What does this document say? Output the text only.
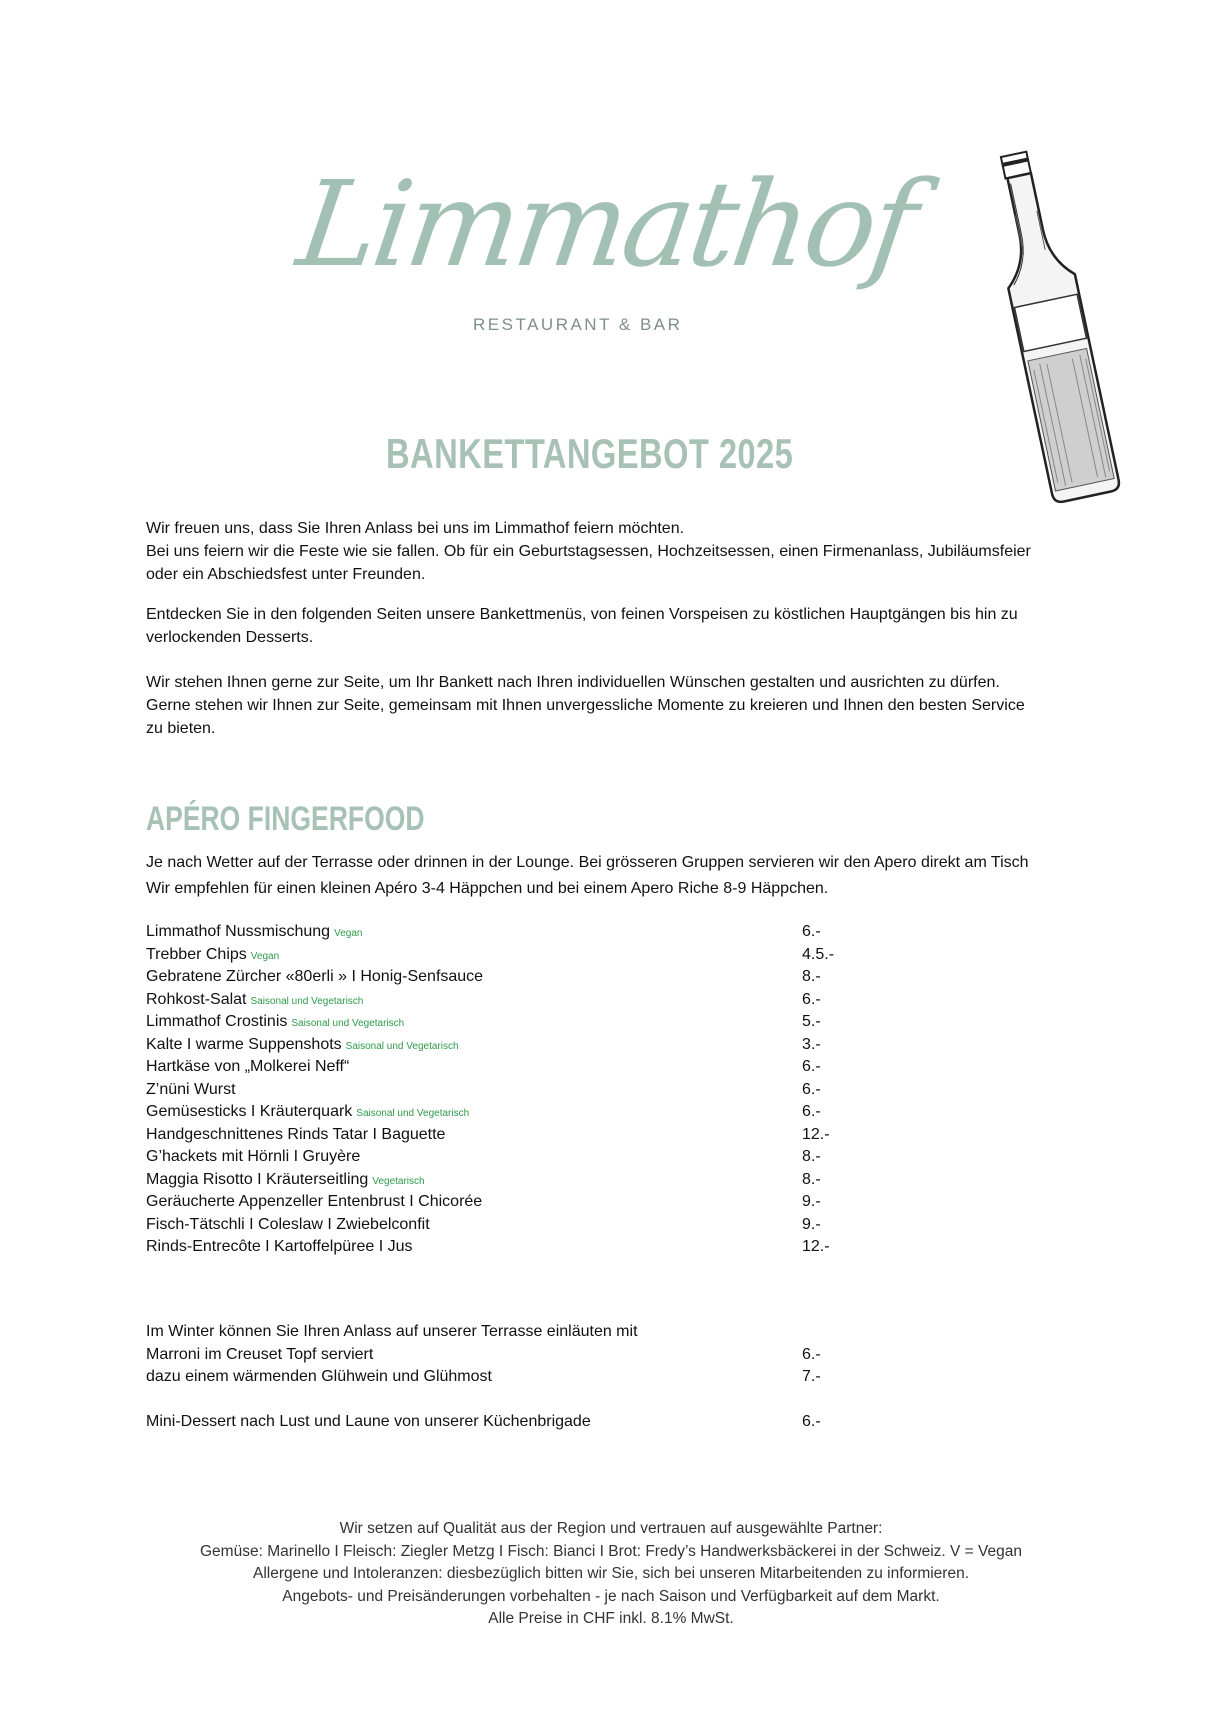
Limmathof
RESTAURANT & BAR
BANKETTANGEBOT 2025
Wir freuen uns, dass Sie Ihren Anlass bei uns im Limmathof feiern möchten.
Bei uns feiern wir die Feste wie sie fallen. Ob für ein Geburtstagsessen, Hochzeitsessen, einen Firmenanlass, Jubiläumsfeier
oder ein Abschiedsfest unter Freunden.
Entdecken Sie in den folgenden Seiten unsere Bankettmenüs, von feinen Vorspeisen zu köstlichen Hauptgängen bis hin zu
verlockenden Desserts.
Wir stehen Ihnen gerne zur Seite, um Ihr Bankett nach Ihren individuellen Wünschen gestalten und ausrichten zu dürfen.
Gerne stehen wir Ihnen zur Seite, gemeinsam mit Ihnen unvergessliche Momente zu kreieren und Ihnen den besten Service
zu bieten.
APÉRO FINGERFOOD
Je nach Wetter auf der Terrasse oder drinnen in der Lounge. Bei grösseren Gruppen servieren wir den Apero direkt am Tisch
Wir empfehlen für einen kleinen Apéro 3-4 Häppchen und bei einem Apero Riche 8-9 Häppchen.
Limmathof Nussmischung Vegan	6.-
Trebber Chips Vegan	4.5.-
Gebratene Zürcher «80erli » I Honig-Senfsauce	8.-
Rohkost-Salat Saisonal und Vegetarisch	6.-
Limmathof Crostinis Saisonal und Vegetarisch	5.-
Kalte I warme Suppenshots Saisonal und Vegetarisch	3.-
Hartkäse von „Molkerei Neff“	6.-
Z’nüni Wurst	6.-
Gemüsesticks I Kräuterquark Saisonal und Vegetarisch	6.-
Handgeschnittenes Rinds Tatar I Baguette	12.-
G’hackets mit Hörnli I Gruyère	8.-
Maggia Risotto I Kräuterseitling Vegetarisch	8.-
Geräucherte Appenzeller Entenbrust I Chicorée	9.-
Fisch-Tätschli I Coleslaw I Zwiebelconfit	9.-
Rinds-Entrecôte I Kartoffelpüree I Jus	12.-
Im Winter können Sie Ihren Anlass auf unserer Terrasse einläuten mit
Marroni im Creuset Topf serviert	6.-
dazu einem wärmenden Glühwein und Glühmost	7.-
Mini-Dessert nach Lust und Laune von unserer Küchenbrigade	6.-
Wir setzen auf Qualität aus der Region und vertrauen auf ausgewählte Partner:
Gemüse: Marinello I Fleisch: Ziegler Metzg I Fisch: Bianci I Brot: Fredy’s Handwerksbäckerei in der Schweiz. V = Vegan
Allergene und Intoleranzen: diesbezüglich bitten wir Sie, sich bei unseren Mitarbeitenden zu informieren.
Angebots- und Preisänderungen vorbehalten - je nach Saison und Verfügbarkeit auf dem Markt.
Alle Preise in CHF inkl. 8.1% MwSt.
